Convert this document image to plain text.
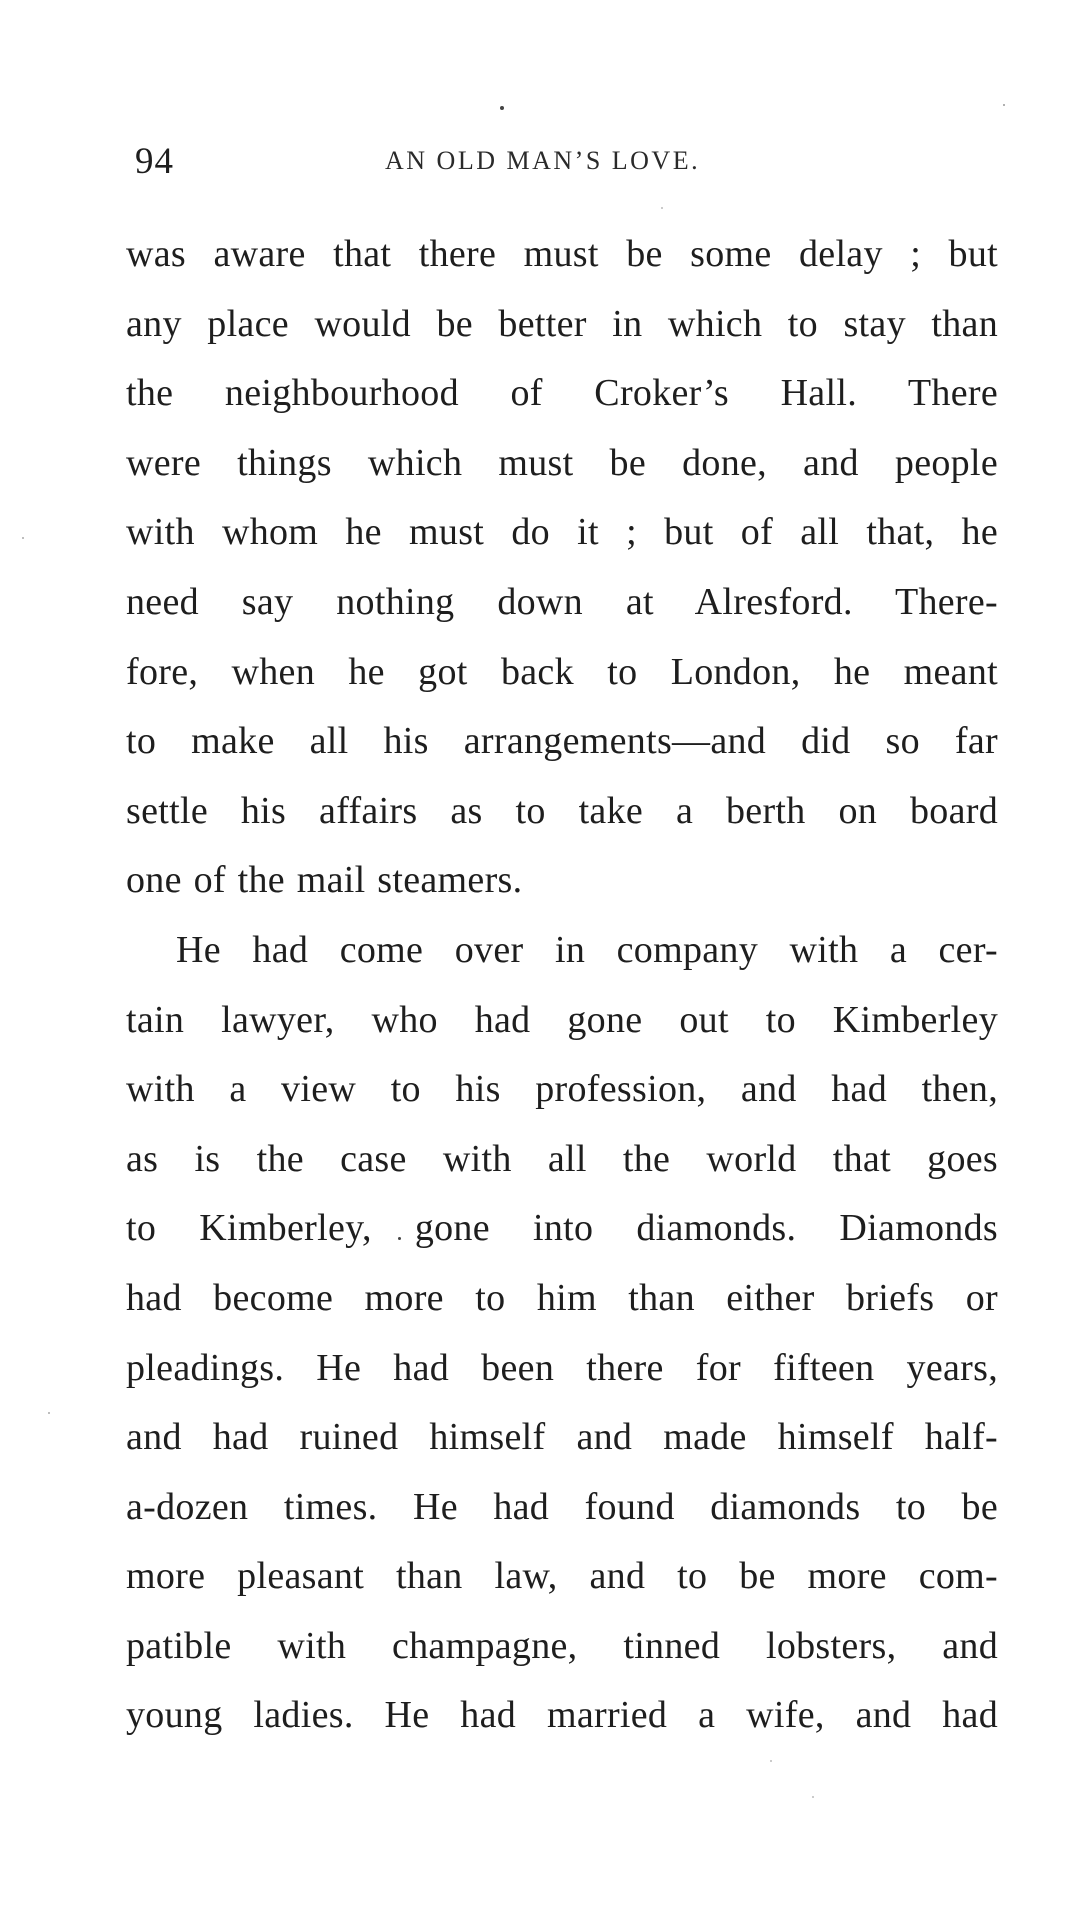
94	AN OLD MAN’S LOVE.
was aware that there must be some delay ; but
any place would be better in which to stay than
the neighbourhood of Croker’s Hall. There
were things which must be done, and people
with whom he must do it ; but of all that, he
need say nothing down at Alresford. There-
fore, when he got back to London, he meant
to make all his arrangements—and did so far
settle his affairs as to take a berth on board
one of the mail steamers.
He had come over in company with a cer-
tain lawyer, who had gone out to Kimberley
with a view to his profession, and had then,
as is the case with all the world that goes
to Kimberley, gone into diamonds. Diamonds
had become more to him than either briefs or
pleadings. He had been there for fifteen years,
and had ruined himself and made himself half-
a-dozen times. He had found diamonds to be
more pleasant than law, and to be more com-
patible with champagne, tinned lobsters, and
young ladies. He had married a wife, and had
